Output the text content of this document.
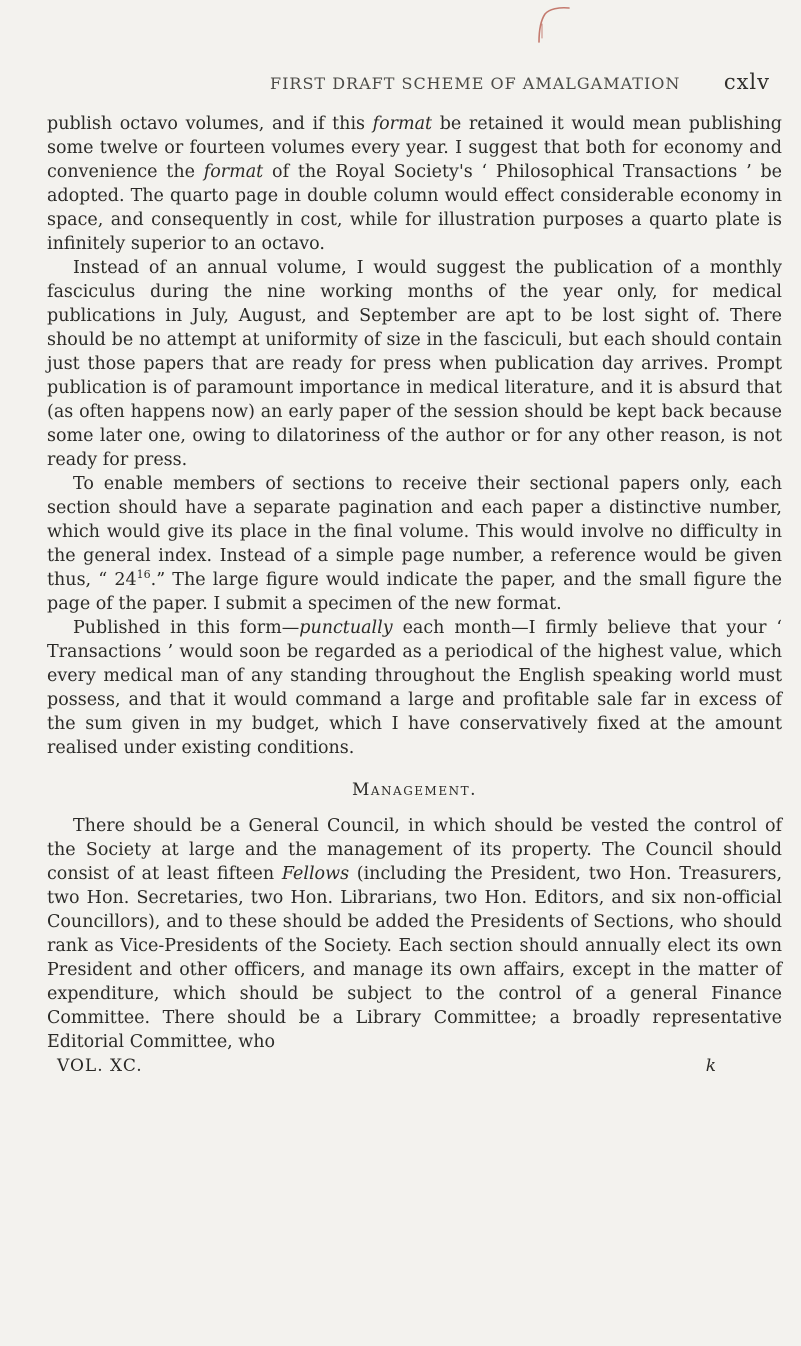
FIRST DRAFT SCHEME OF AMALGAMATION cxlv

publish octavo volumes, and if this format be retained it would mean publishing some twelve or fourteen volumes every year. I suggest that both for economy and convenience the format of the Royal Society's ‘ Philosophical Transactions ’ be adopted. The quarto page in double column would effect considerable economy in space, and consequently in cost, while for illustration purposes a quarto plate is infinitely superior to an octavo.

Instead of an annual volume, I would suggest the publication of a monthly fasciculus during the nine working months of the year only, for medical publications in July, August, and September are apt to be lost sight of. There should be no attempt at uniformity of size in the fasciculi, but each should contain just those papers that are ready for press when publication day arrives. Prompt publication is of paramount importance in medical literature, and it is absurd that (as often happens now) an early paper of the session should be kept back because some later one, owing to dilatoriness of the author or for any other reason, is not ready for press.

To enable members of sections to receive their sectional papers only, each section should have a separate pagination and each paper a distinctive number, which would give its place in the final volume. This would involve no difficulty in the general index. Instead of a simple page number, a reference would be given thus, “ $24^{16}$.” The large figure would indicate the paper, and the small figure the page of the paper. I submit a specimen of the new format.

Published in this form—punctually each month—I firmly believe that your ‘ Transactions ’ would soon be regarded as a periodical of the highest value, which every medical man of any standing throughout the English speaking world must possess, and that it would command a large and profitable sale far in excess of the sum given in my budget, which I have conservatively fixed at the amount realised under existing conditions.

Management.

There should be a General Council, in which should be vested the control of the Society at large and the management of its property. The Council should consist of at least fifteen Fellows (including the President, two Hon. Treasurers, two Hon. Secretaries, two Hon. Librarians, two Hon. Editors, and six non-official Councillors), and to these should be added the Presidents of Sections, who should rank as Vice-Presidents of the Society. Each section should annually elect its own President and other officers, and manage its own affairs, except in the matter of expenditure, which should be subject to the control of a general Finance Committee. There should be a Library Committee; a broadly representative Editorial Committee, who

VOL. XC.	k
